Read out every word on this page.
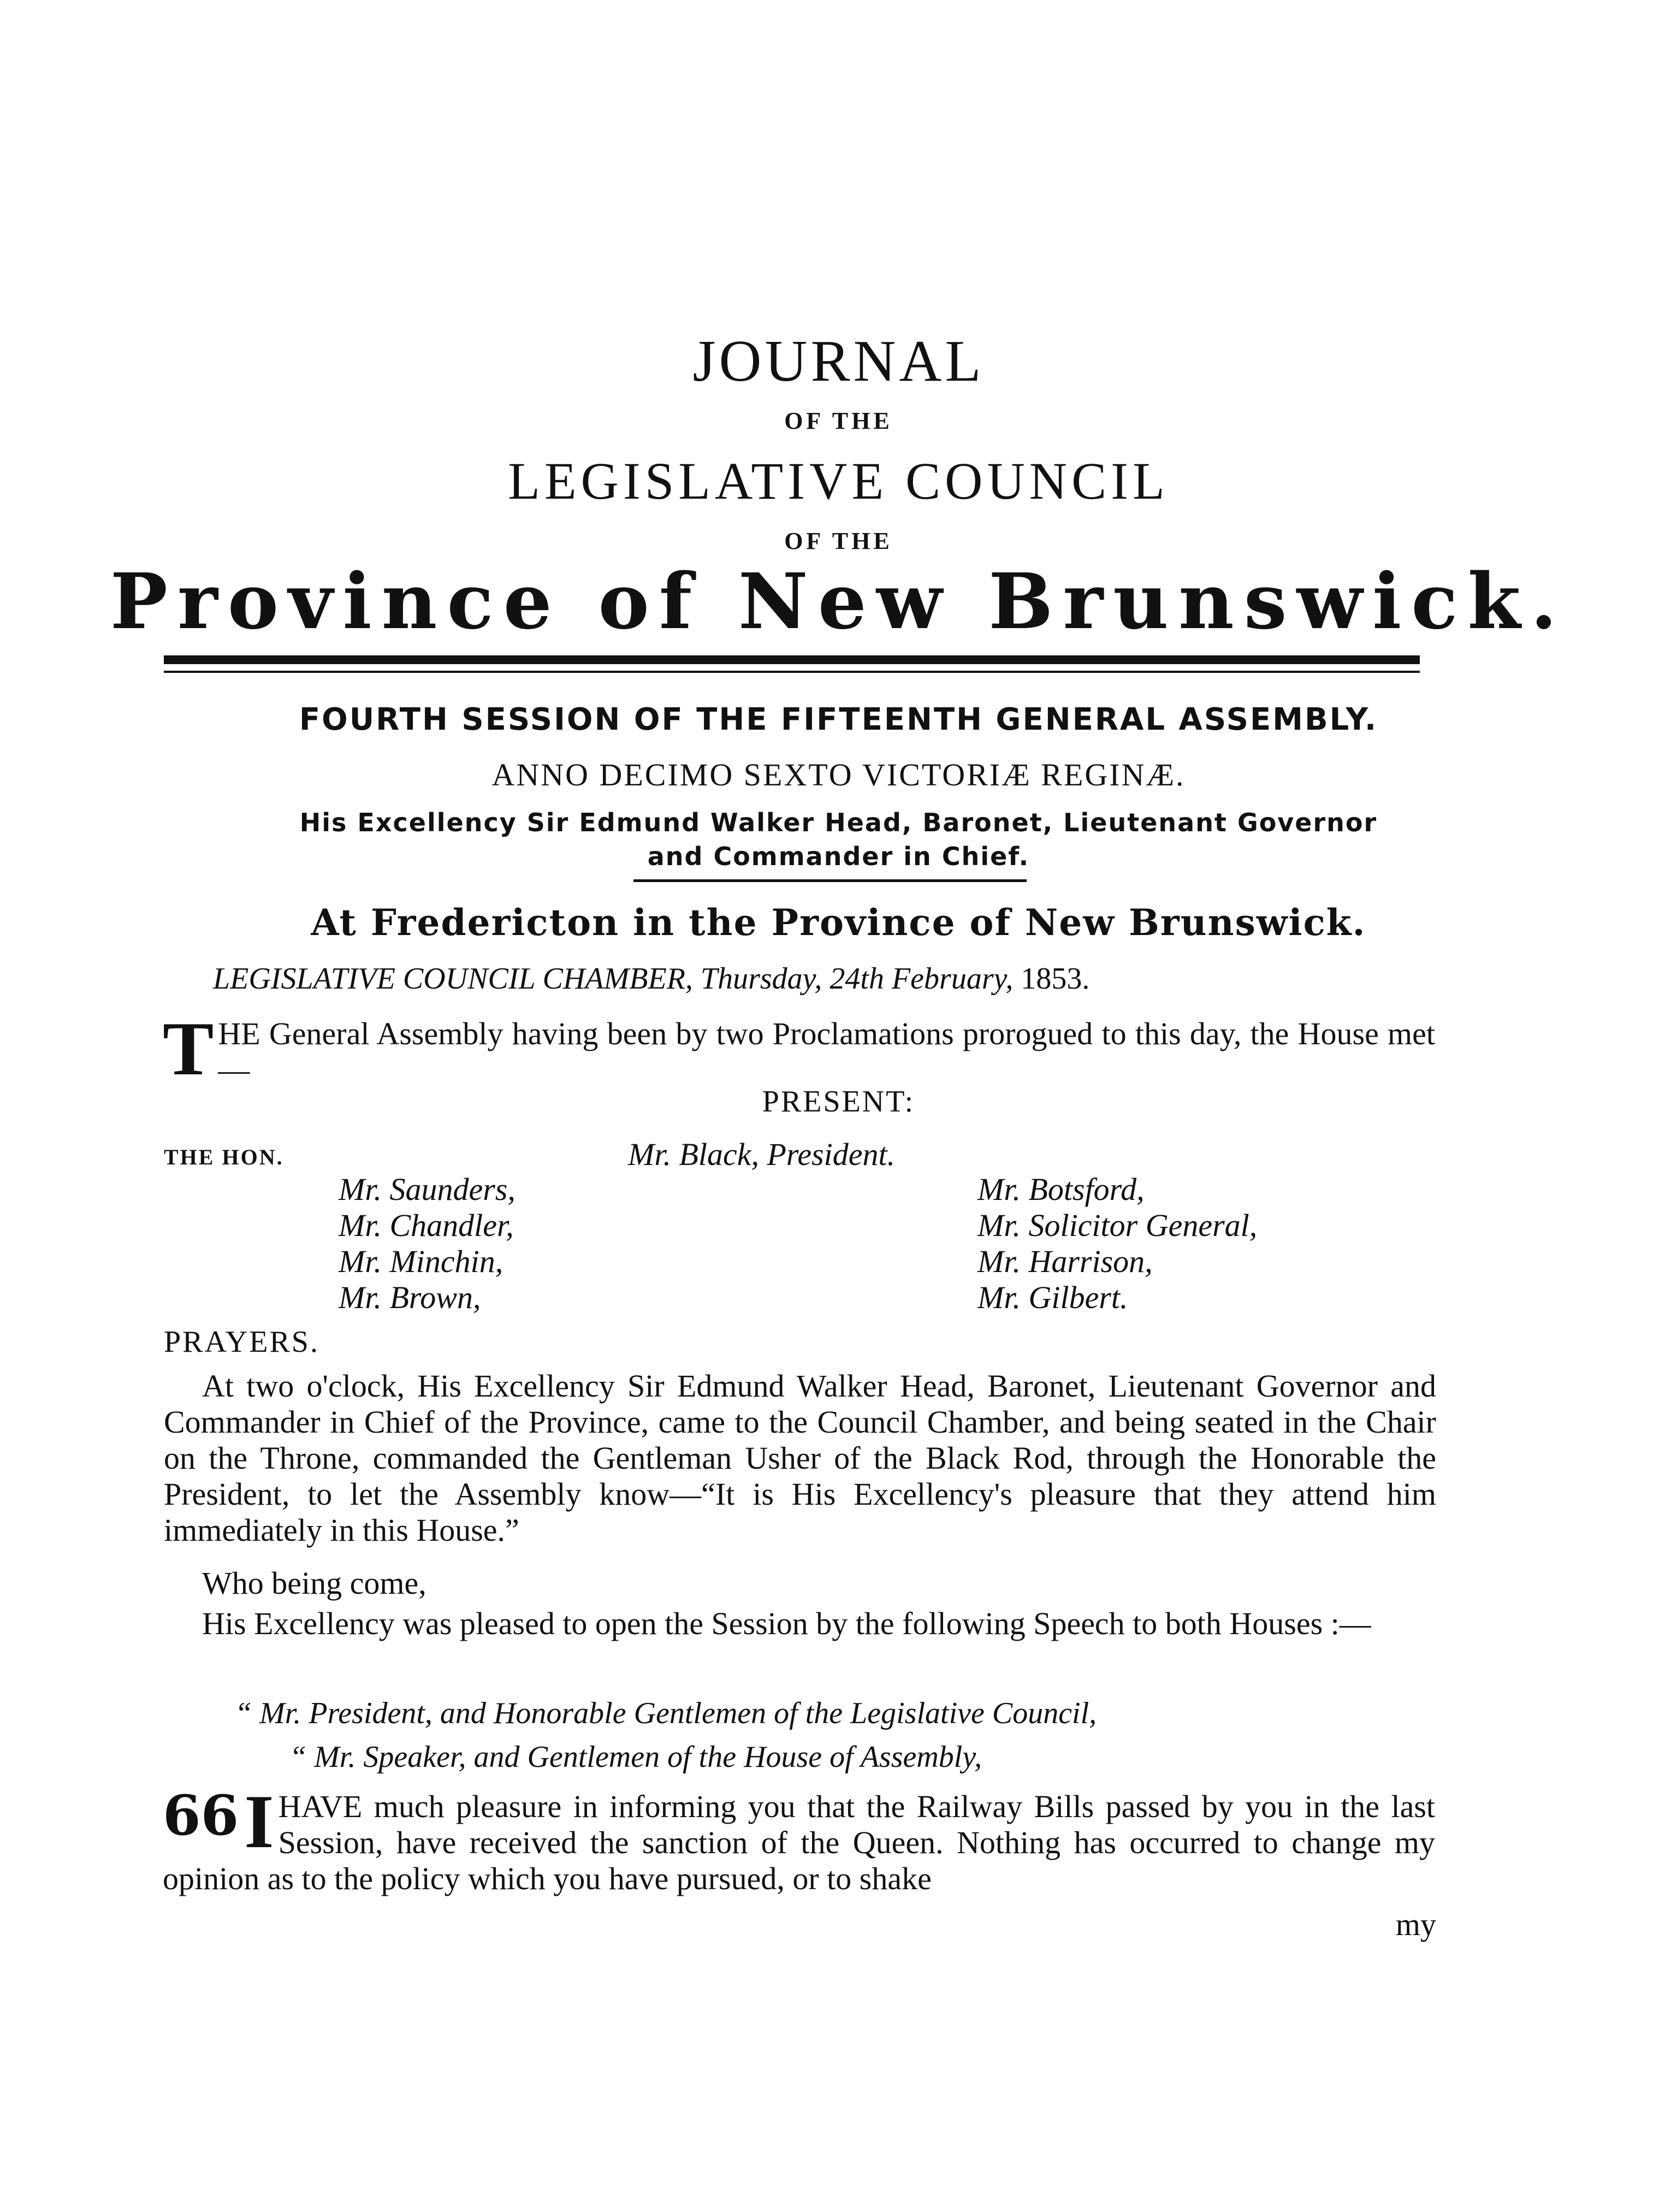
JOURNAL
OF THE
LEGISLATIVE COUNCIL
OF THE
Province of New Brunswick.
FOURTH SESSION OF THE FIFTEENTH GENERAL ASSEMBLY.
ANNO DECIMO SEXTO VICTORIÆ REGINÆ.
His Excellency Sir Edmund Walker Head, Baronet, Lieutenant Governor
and Commander in Chief.
At Fredericton in the Province of New Brunswick.
LEGISLATIVE COUNCIL CHAMBER, Thursday, 24th February, 1853.
T HE General Assembly having been by two Proclamations prorogued to this day, the House met—
PRESENT:
THE HON.	Mr. Black, President.
Mr. Saunders,
Mr. Chandler,
Mr. Minchin,
Mr. Brown,
Mr. Botsford,
Mr. Solicitor General,
Mr. Harrison,
Mr. Gilbert.
PRAYERS.
At two o'clock, His Excellency Sir Edmund Walker Head, Baronet, Lieutenant Governor and Commander in Chief of the Province, came to the Council Chamber, and being seated in the Chair on the Throne, commanded the Gentleman Usher of the Black Rod, through the Honorable the President, to let the Assembly know—“It is His Excellency's pleasure that they attend him immediately in this House.”
Who being come,
His Excellency was pleased to open the Session by the following Speech to both Houses :—
“ Mr. President, and Honorable Gentlemen of the Legislative Council,
“ Mr. Speaker, and Gentlemen of the House of Assembly,
66 I HAVE much pleasure in informing you that the Railway Bills passed by you in the last Session, have received the sanction of the Queen. Nothing has occurred to change my opinion as to the policy which you have pursued, or to shake
my
